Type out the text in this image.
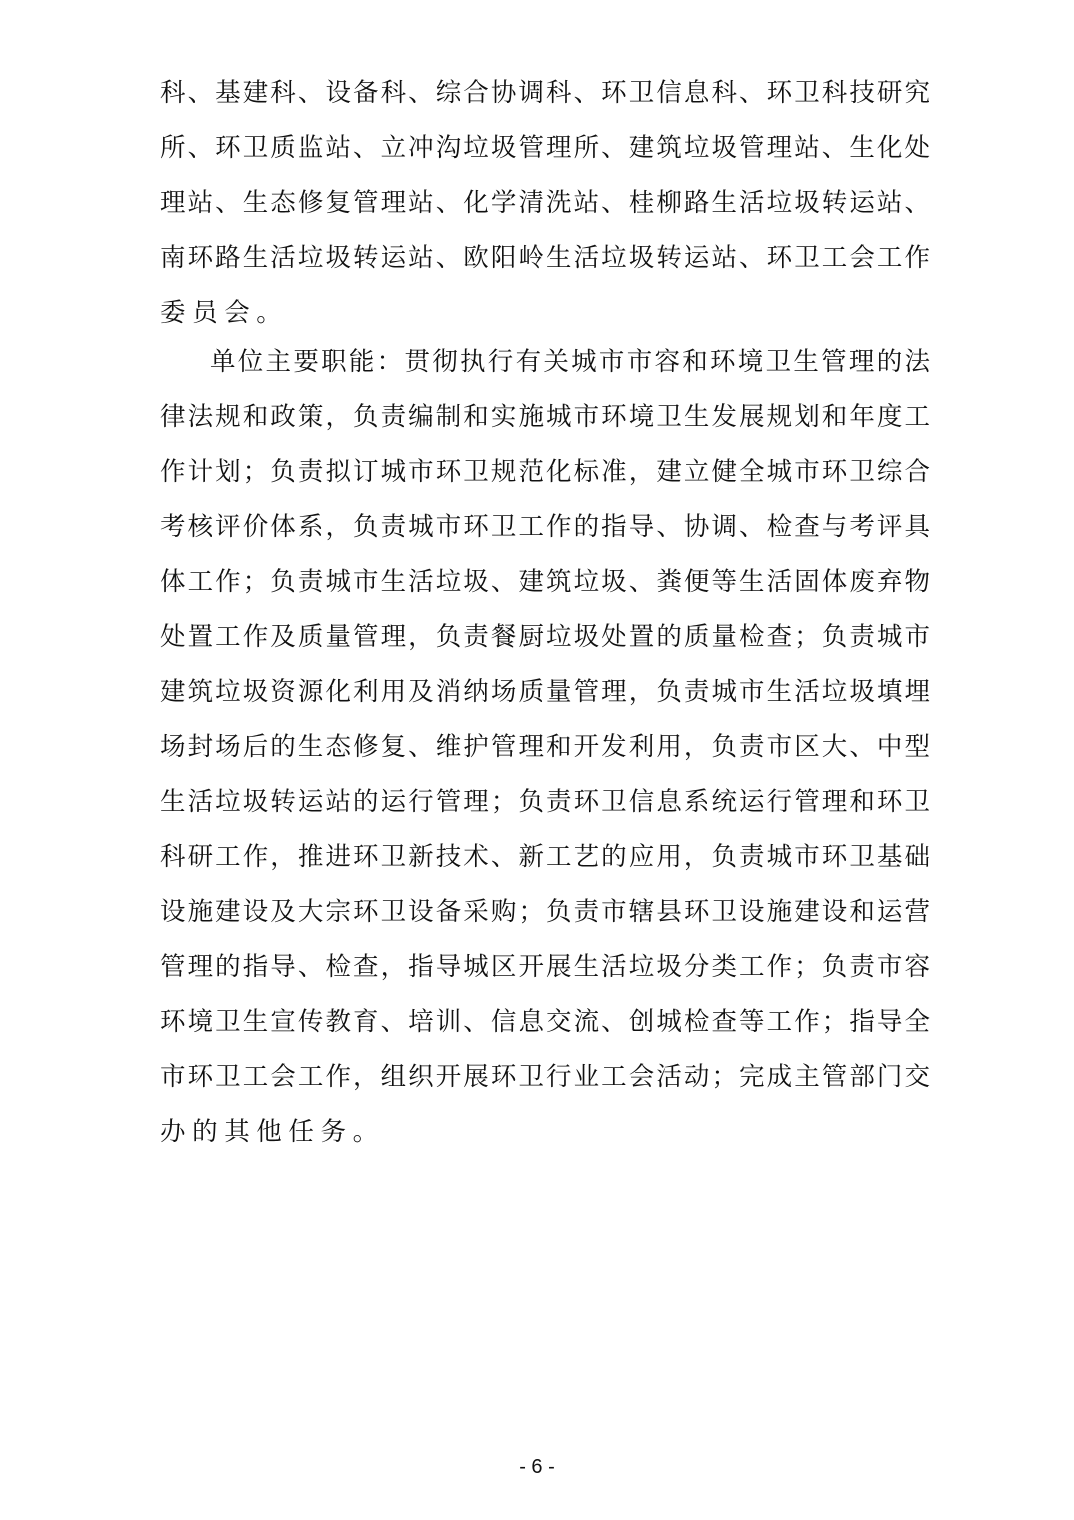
科、基建科、设备科、综合协调科、环卫信息科、环卫科技研究
所、环卫质监站、立冲沟垃圾管理所、建筑垃圾管理站、生化处
理站、生态修复管理站、化学清洗站、桂柳路生活垃圾转运站、
南环路生活垃圾转运站、欧阳岭生活垃圾转运站、环卫工会工作
委员会。
单位主要职能：贯彻执行有关城市市容和环境卫生管理的法
律法规和政策，负责编制和实施城市环境卫生发展规划和年度工
作计划；负责拟订城市环卫规范化标准，建立健全城市环卫综合
考核评价体系，负责城市环卫工作的指导、协调、检查与考评具
体工作；负责城市生活垃圾、建筑垃圾、粪便等生活固体废弃物
处置工作及质量管理，负责餐厨垃圾处置的质量检查；负责城市
建筑垃圾资源化利用及消纳场质量管理，负责城市生活垃圾填埋
场封场后的生态修复、维护管理和开发利用，负责市区大、中型
生活垃圾转运站的运行管理；负责环卫信息系统运行管理和环卫
科研工作，推进环卫新技术、新工艺的应用，负责城市环卫基础
设施建设及大宗环卫设备采购；负责市辖县环卫设施建设和运营
管理的指导、检查，指导城区开展生活垃圾分类工作；负责市容
环境卫生宣传教育、培训、信息交流、创城检查等工作；指导全
市环卫工会工作，组织开展环卫行业工会活动；完成主管部门交
办的其他任务。
- 6 -
